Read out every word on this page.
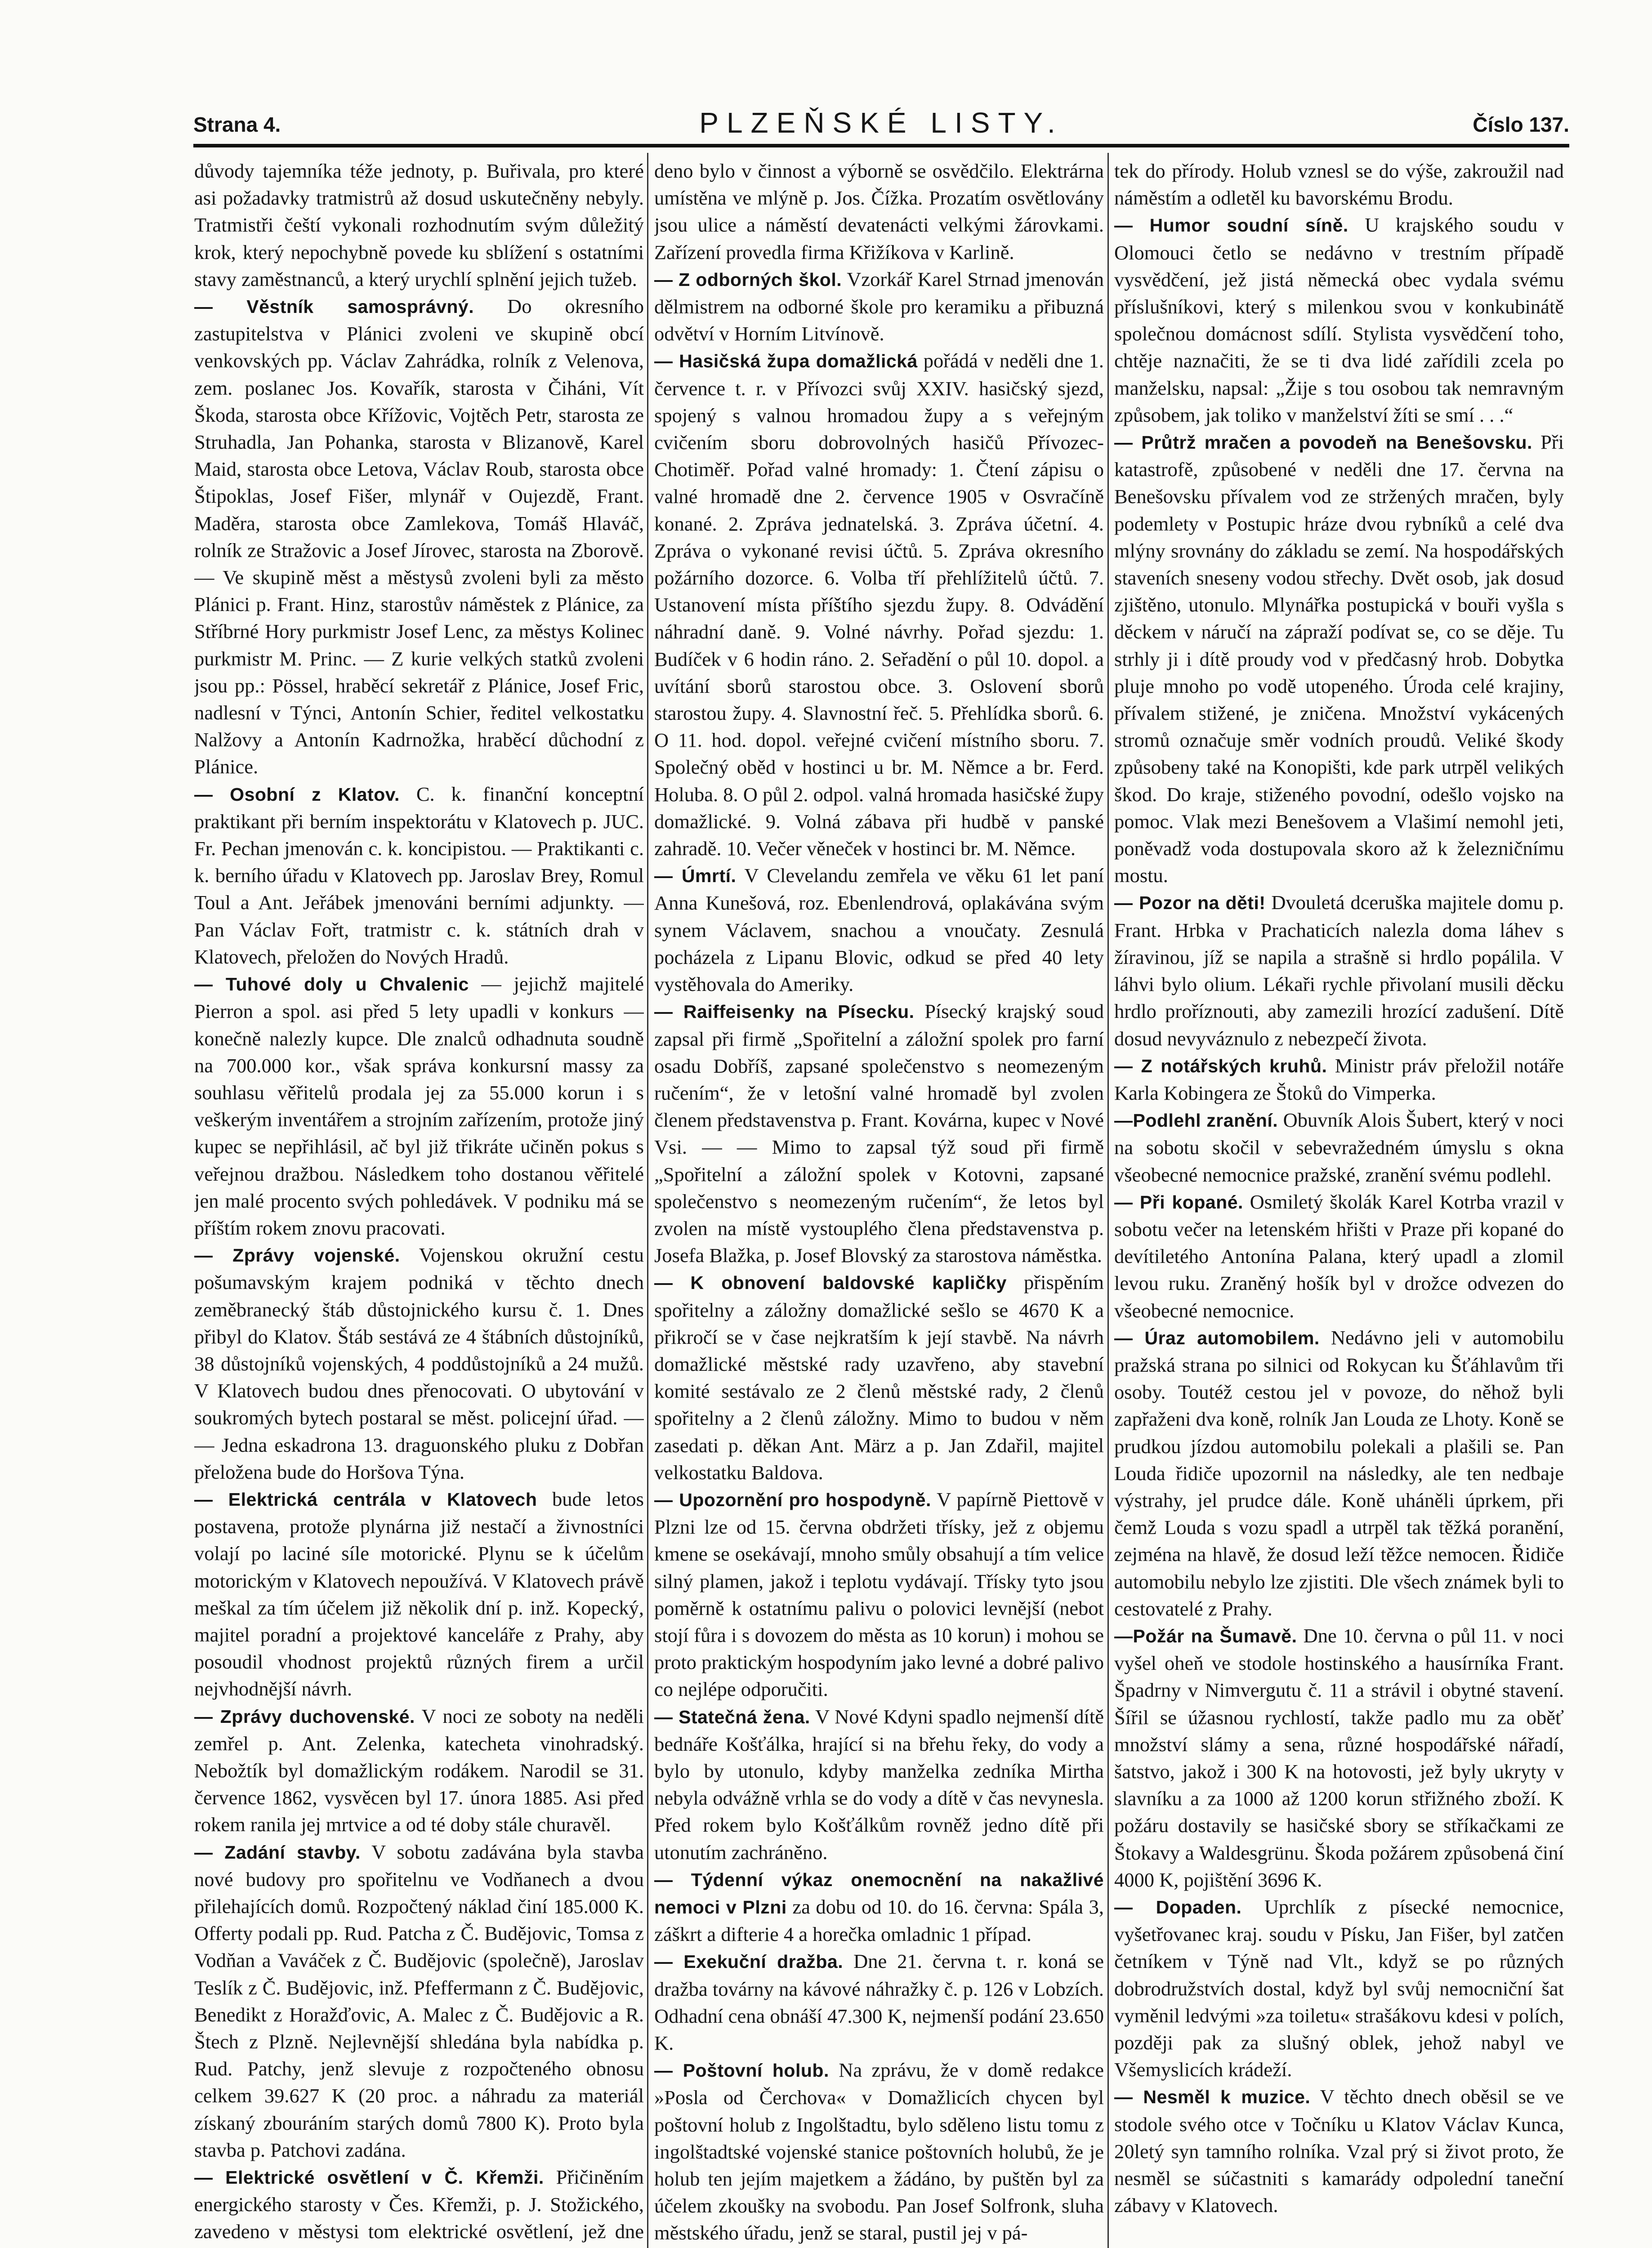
Strana 4.	PLZEŇSKÉ LISTY.	Číslo 137.

důvody tajemníka téže jednoty, p. Buřivala, pro které asi požadavky tratmistrů až dosud uskutečněny nebyly. Tratmistři čeští vykonali rozhodnutím svým důležitý krok, který nepochybně povede ku sblížení s ostatními stavy zaměstnanců, a který urychlí splnění jejich tužeb.

— Věstník samosprávný. Do okresního zastupitelstva v Plánici zvoleni ve skupině obcí venkovských pp. Václav Zahrádka, rolník z Velenova, zem. poslanec Jos. Kovařík, starosta v Čiháni, Vít Škoda, starosta obce Křížovic, Vojtěch Petr, starosta ze Struhadla, Jan Pohanka, starosta v Blizanově, Karel Maid, starosta obce Letova, Václav Roub, starosta obce Štipoklas, Josef Fišer, mlynář v Oujezdě, Frant. Maděra, starosta obce Zamlekova, Tomáš Hlaváč, rolník ze Stražovic a Josef Jírovec, starosta na Zborově. — Ve skupině měst a městysů zvoleni byli za město Plánici p. Frant. Hinz, starostův náměstek z Plánice, za Stříbrné Hory purkmistr Josef Lenc, za městys Kolinec purkmistr M. Princ. — Z kurie velkých statků zvoleni jsou pp.: Pössel, hraběcí sekretář z Plánice, Josef Fric, nadlesní v Týnci, Antonín Schier, ředitel velkostatku Nalžovy a Antonín Kadrnožka, hraběcí důchodní z Plánice.

— Osobní z Klatov. C. k. finanční konceptní praktikant při berním inspektorátu v Klatovech p. JUC. Fr. Pechan jmenován c. k. koncipistou. — Praktikanti c. k. berního úřadu v Klatovech pp. Jaroslav Brey, Romul Toul a Ant. Jeřábek jmenováni berními adjunkty. — Pan Václav Fořt, tratmistr c. k. státních drah v Klatovech, přeložen do Nových Hradů.

— Tuhové doly u Chvalenic — jejichž majitelé Pierron a spol. asi před 5 lety upadli v konkurs — konečně nalezly kupce. Dle znalců odhadnuta soudně na 700.000 kor., však správa konkursní massy za souhlasu věřitelů prodala jej za 55.000 korun i s veškerým inventářem a strojním zařízením, protože jiný kupec se nepřihlásil, ač byl již třikráte učiněn pokus s veřejnou dražbou. Následkem toho dostanou věřitelé jen malé procento svých pohledávek. V podniku má se příštím rokem znovu pracovati.

— Zprávy vojenské. Vojenskou okružní cestu pošumavským krajem podniká v těchto dnech zeměbranecký štáb důstojnického kursu č. 1. Dnes přibyl do Klatov. Štáb sestává ze 4 štábních důstojníků, 38 důstojníků vojenských, 4 poddůstojníků a 24 mužů. V Klatovech budou dnes přenocovati. O ubytování v soukromých bytech postaral se měst. policejní úřad. — — Jedna eskadrona 13. draguonského pluku z Dobřan přeložena bude do Horšova Týna.

— Elektrická centrála v Klatovech bude letos postavena, protože plynárna již nestačí a živnostníci volají po laciné síle motorické. Plynu se k účelům motorickým v Klatovech nepoužívá. V Klatovech právě meškal za tím účelem již několik dní p. inž. Kopecký, majitel poradní a projektové kanceláře z Prahy, aby posoudil vhodnost projektů různých firem a určil nejvhodnější návrh.

— Zprávy duchovenské. V noci ze soboty na neděli zemřel p. Ant. Zelenka, katecheta vinohradský. Nebožtík byl domažlickým rodákem. Narodil se 31. července 1862, vysvěcen byl 17. února 1885. Asi před rokem ranila jej mrtvice a od té doby stále churavěl.

— Zadání stavby. V sobotu zadávána byla stavba nové budovy pro spořitelnu ve Vodňanech a dvou přilehajících domů. Rozpočtený náklad činí 185.000 K. Offerty podali pp. Rud. Patcha z Č. Budějovic, Tomsa z Vodňan a Vaváček z Č. Budějovic (společně), Jaroslav Teslík z Č. Budějovic, inž. Pfeffermann z Č. Budějovic, Benedikt z Horažďovic, A. Malec z Č. Budějovic a R. Štech z Plzně. Nejlevnější shledána byla nabídka p. Rud. Patchy, jenž slevuje z rozpočteného obnosu celkem 39.627 K (20 proc. a náhradu za materiál získaný zbouráním starých domů 7800 K). Proto byla stavba p. Patchovi zadána.

— Elektrické osvětlení v Č. Křemži. Přičiněním energického starosty v Čes. Křemži, p. J. Stožického, zavedeno v městysi tom elektrické osvětlení, jež dne

deno bylo v činnost a výborně se osvědčilo. Elektrárna umístěna ve mlýně p. Jos. Čížka. Prozatím osvětlovány jsou ulice a náměstí devatenácti velkými žárovkami. Zařízení provedla firma Křižíkova v Karlině.

— Z odborných škol. Vzorkář Karel Strnad jmenován dělmistrem na odborné škole pro keramiku a přibuzná odvětví v Horním Litvínově.

— Hasičská župa domažlická pořádá v neděli dne 1. července t. r. v Přívozci svůj XXIV. hasičský sjezd, spojený s valnou hromadou župy a s veřejným cvičením sboru dobrovolných hasičů Přívozec-Chotiměř. Pořad valné hromady: 1. Čtení zápisu o valné hromadě dne 2. července 1905 v Osvračíně konané. 2. Zpráva jednatelská. 3. Zpráva účetní. 4. Zpráva o vykonané revisi účtů. 5. Zpráva okresního požárního dozorce. 6. Volba tří přehlížitelů účtů. 7. Ustanovení místa příštího sjezdu župy. 8. Odvádění náhradní daně. 9. Volné návrhy. Pořad sjezdu: 1. Budíček v 6 hodin ráno. 2. Seřadění o půl 10. dopol. a uvítání sborů starostou obce. 3. Oslovení sborů starostou župy. 4. Slavnostní řeč. 5. Přehlídka sborů. 6. O 11. hod. dopol. veřejné cvičení místního sboru. 7. Společný oběd v hostinci u br. M. Němce a br. Ferd. Holuba. 8. O půl 2. odpol. valná hromada hasičské župy domažlické. 9. Volná zábava při hudbě v panské zahradě. 10. Večer věneček v hostinci br. M. Němce.

— Úmrtí. V Clevelandu zemřela ve věku 61 let paní Anna Kunešová, roz. Ebenlendrová, oplakávána svým synem Václavem, snachou a vnoučaty. Zesnulá pocházela z Lipanu Blovic, odkud se před 40 lety vystěhovala do Ameriky.

— Raiffeisenky na Písecku. Písecký krajský soud zapsal při firmě „Spořitelní a záložní spolek pro farní osadu Dobříš, zapsané společenstvo s neomezeným ručením“, že v letošní valné hromadě byl zvolen členem představenstva p. Frant. Kovárna, kupec v Nové Vsi. — — Mimo to zapsal týž soud při firmě „Spořitelní a záložní spolek v Kotovni, zapsané společenstvo s neomezeným ručením“, že letos byl zvolen na místě vystouplého člena představenstva p. Josefa Blažka, p. Josef Blovský za starostova náměstka.

— K obnovení baldovské kapličky přispěním spořitelny a záložny domažlické sešlo se 4670 K a přikročí se v čase nejkratším k její stavbě. Na návrh domažlické městské rady uzavřeno, aby stavební komité sestávalo ze 2 členů městské rady, 2 členů spořitelny a 2 členů záložny. Mimo to budou v něm zasedati p. děkan Ant. März a p. Jan Zdařil, majitel velkostatku Baldova.

— Upozornění pro hospodyně. V papírně Piettově v Plzni lze od 15. června obdržeti třísky, jež z objemu kmene se osekávají, mnoho smůly obsahují a tím velice silný plamen, jakož i teplotu vydávají. Třísky tyto jsou poměrně k ostatnímu palivu o polovici levnější (nebot stojí fůra i s dovozem do města as 10 korun) i mohou se proto praktickým hospodyním jako levné a dobré palivo co nejlépe odporučiti.

— Statečná žena. V Nové Kdyni spadlo nejmenší dítě bednáře Košťálka, hrající si na břehu řeky, do vody a bylo by utonulo, kdyby manželka zedníka Mirtha nebyla odvážně vrhla se do vody a dítě v čas nevynesla. Před rokem bylo Košťálkům rovněž jedno dítě při utonutím zachráněno.

— Týdenní výkaz onemocnění na nakažlivé nemoci v Plzni za dobu od 10. do 16. června: Spála 3, záškrt a difterie 4 a horečka omladnic 1 případ.

— Exekuční dražba. Dne 21. června t. r. koná se dražba továrny na kávové náhražky č. p. 126 v Lobzích. Odhadní cena obnáší 47.300 K, nejmenší podání 23.650 K.

— Poštovní holub. Na zprávu, že v domě redakce »Posla od Čerchova« v Domažlicích chycen byl poštovní holub z Ingolštadtu, bylo sděleno listu tomu z ingolštadtské vojenské stanice poštovních holubů, že je holub ten jejím majetkem a žádáno, by puštěn byl za účelem zkoušky na svobodu. Pan Josef Solfronk, sluha městského úřadu, jenž se staral, pustil jej v pá-

tek do přírody. Holub vznesl se do výše, zakroužil nad náměstím a odletěl ku bavorskému Brodu.

— Humor soudní síně. U krajského soudu v Olomouci četlo se nedávno v trestním případě vysvědčení, jež jistá německá obec vydala svému příslušníkovi, který s milenkou svou v konkubinátě společnou domácnost sdílí. Stylista vysvědčení toho, chtěje naznačiti, že se ti dva lidé zařídili zcela po manželsku, napsal: „Žije s tou osobou tak nemravným způsobem, jak toliko v manželství žíti se smí . . .“

— Průtrž mračen a povodeň na Benešovsku. Při katastrofě, způsobené v neděli dne 17. června na Benešovsku přívalem vod ze stržených mračen, byly podemlety v Postupic hráze dvou rybníků a celé dva mlýny srovnány do základu se zemí. Na hospodářských staveních sneseny vodou střechy. Dvět osob, jak dosud zjištěno, utonulo. Mlynářka postupická v bouři vyšla s děckem v náručí na zápraží podívat se, co se děje. Tu strhly ji i dítě proudy vod v předčasný hrob. Dobytka pluje mnoho po vodě utopeného. Úroda celé krajiny, přívalem stižené, je zničena. Množství vykácených stromů označuje směr vodních proudů. Veliké škody způsobeny také na Konopišti, kde park utrpěl velikých škod. Do kraje, stiženého povodní, odešlo vojsko na pomoc. Vlak mezi Benešovem a Vlašimí nemohl jeti, poněvadž voda dostupovala skoro až k železničnímu mostu.

— Pozor na děti! Dvouletá dceruška majitele domu p. Frant. Hrbka v Prachaticích nalezla doma láhev s žíravinou, jíž se napila a strašně si hrdlo popálila. V láhvi bylo olium. Lékaři rychle přivolaní musili děcku hrdlo proříznouti, aby zamezili hrozící zadušení. Dítě dosud nevyváznulo z nebezpečí života.

— Z notářských kruhů. Ministr práv přeložil notáře Karla Kobingera ze Štoků do Vimperka.

—Podlehl zranění. Obuvník Alois Šubert, který v noci na sobotu skočil v sebevražedném úmyslu s okna všeobecné nemocnice pražské, zranění svému podlehl.

— Při kopané. Osmiletý školák Karel Kotrba vrazil v sobotu večer na letenském hřišti v Praze při kopané do devítiletého Antonína Palana, který upadl a zlomil levou ruku. Zraněný hošík byl v drožce odvezen do všeobecné nemocnice.

— Úraz automobilem. Nedávno jeli v automobilu pražská strana po silnici od Rokycan ku Šťáhlavům tři osoby. Toutéž cestou jel v povoze, do něhož byli zapřaženi dva koně, rolník Jan Louda ze Lhoty. Koně se prudkou jízdou automobilu polekali a plašili se. Pan Louda řidiče upozornil na následky, ale ten nedbaje výstrahy, jel prudce dále. Koně uháněli úprkem, při čemž Louda s vozu spadl a utrpěl tak těžká poranění, zejména na hlavě, že dosud leží těžce nemocen. Řidiče automobilu nebylo lze zjistiti. Dle všech známek byli to cestovatelé z Prahy.

—Požár na Šumavě. Dne 10. června o půl 11. v noci vyšel oheň ve stodole hostinského a hausírníka Frant. Špadrny v Nimvergutu č. 11 a strávil i obytné stavení. Šířil se úžasnou rychlostí, takže padlo mu za oběť množství slámy a sena, různé hospodářské nářadí, šatstvo, jakož i 300 K na hotovosti, jež byly ukryty v slavníku a za 1000 až 1200 korun střižného zboží. K požáru dostavily se hasičské sbory se stříkačkami ze Štokavy a Waldesgrünu. Škoda požárem způsobená činí 4000 K, pojištění 3696 K.

— Dopaden. Uprchlík z písecké nemocnice, vyšetřovanec kraj. soudu v Písku, Jan Fišer, byl zatčen četníkem v Týně nad Vlt., když se po různých dobrodružstvích dostal, když byl svůj nemocniční šat vyměnil ledvými »za toiletu« strašákovu kdesi v polích, později pak za slušný oblek, jehož nabyl ve Všemyslicích krádeží.

— Nesměl k muzice. V těchto dnech oběsil se ve stodole svého otce v Točníku u Klatov Václav Kunca, 20letý syn tamního rolníka. Vzal prý si život proto, že nesměl se súčastniti s kamarády odpolední taneční zábavy v Klatovech.
